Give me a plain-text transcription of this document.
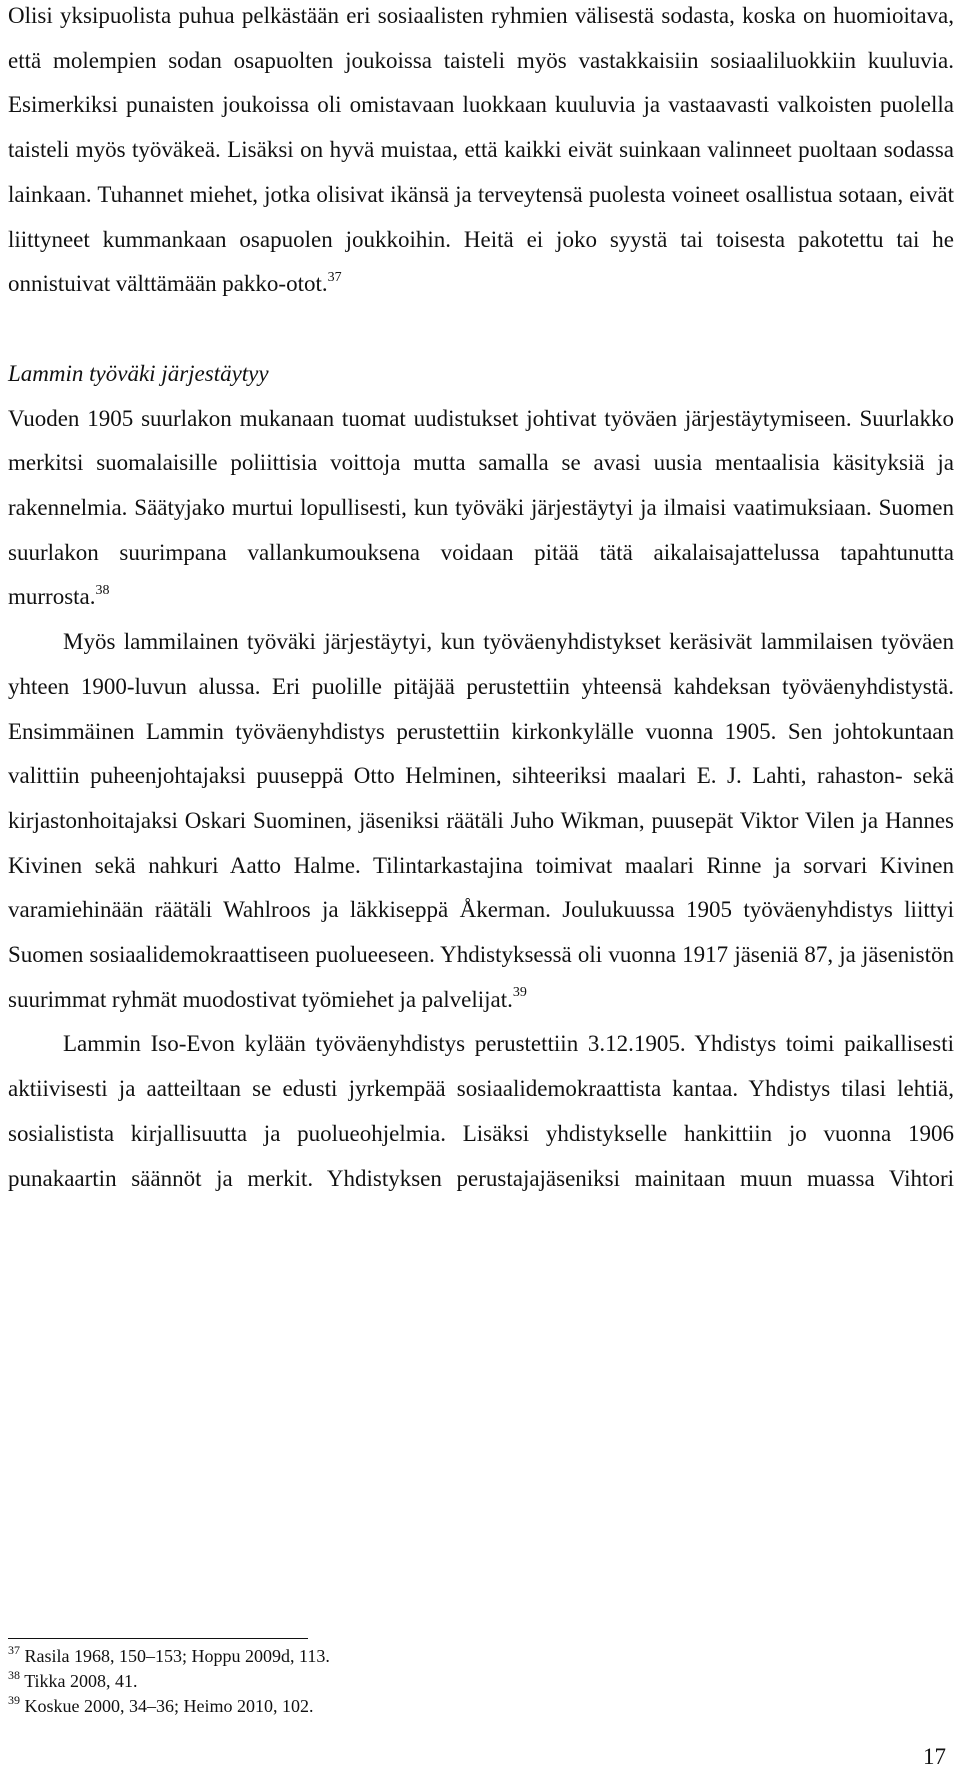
Olisi yksipuolista puhua pelkästään eri sosiaalisten ryhmien välisestä sodasta, koska on huomioitava, että molempien sodan osapuolten joukoissa taisteli myös vastakkaisiin sosiaaliluokkiin kuuluvia. Esimerkiksi punaisten joukoissa oli omistavaan luokkaan kuuluvia ja vastaavasti valkoisten puolella taisteli myös työväkeä. Lisäksi on hyvä muistaa, että kaikki eivät suinkaan valinneet puoltaan sodassa lainkaan. Tuhannet miehet, jotka olisivat ikänsä ja terveytensä puolesta voineet osallistua sotaan, eivät liittyneet kummankaan osapuolen joukkoihin. Heitä ei joko syystä tai toisesta pakotettu tai he onnistuivat välttämään pakko-otot.$^{37}$

Lammin työväki järjestäytyy

Vuoden 1905 suurlakon mukanaan tuomat uudistukset johtivat työväen järjestäytymiseen. Suurlakko merkitsi suomalaisille poliittisia voittoja mutta samalla se avasi uusia mentaalisia käsityksiä ja rakennelmia. Säätyjako murtui lopullisesti, kun työväki järjestäytyi ja ilmaisi vaatimuksiaan. Suomen suurlakon suurimpana vallankumouksena voidaan pitää tätä aikalaisajattelussa tapahtunutta murrosta.$^{38}$

Myös lammilainen työväki järjestäytyi, kun työväenyhdistykset keräsivät lammilaisen työväen yhteen 1900-luvun alussa. Eri puolille pitäjää perustettiin yhteensä kahdeksan työväenyhdistystä. Ensimmäinen Lammin työväenyhdistys perustettiin kirkonkylälle vuonna 1905. Sen johtokuntaan valittiin puheenjohtajaksi puuseppä Otto Helminen, sihteeriksi maalari E. J. Lahti, rahaston- sekä kirjastonhoitajaksi Oskari Suominen, jäseniksi räätäli Juho Wikman, puusepät Viktor Vilen ja Hannes Kivinen sekä nahkuri Aatto Halme. Tilintarkastajina toimivat maalari Rinne ja sorvari Kivinen varamiehinään räätäli Wahlroos ja läkkiseppä Åkerman. Joulukuussa 1905 työväenyhdistys liittyi Suomen sosiaalidemokraattiseen puolueeseen. Yhdistyksessä oli vuonna 1917 jäseniä 87, ja jäsenistön suurimmat ryhmät muodostivat työmiehet ja palvelijat.$^{39}$

Lammin Iso-Evon kylään työväenyhdistys perustettiin 3.12.1905. Yhdistys toimi paikallisesti aktiivisesti ja aatteiltaan se edusti jyrkempää sosiaalidemokraattista kantaa. Yhdistys tilasi lehtiä, sosialistista kirjallisuutta ja puolueohjelmia. Lisäksi yhdistykselle hankittiin jo vuonna 1906 punakaartin säännöt ja merkit. Yhdistyksen perustajajäseniksi mainitaan muun muassa Vihtori

$^{37}$ Rasila 1968, 150–153; Hoppu 2009d, 113.

$^{38}$ Tikka 2008, 41.

$^{39}$ Koskue 2000, 34–36; Heimo 2010, 102.

17
